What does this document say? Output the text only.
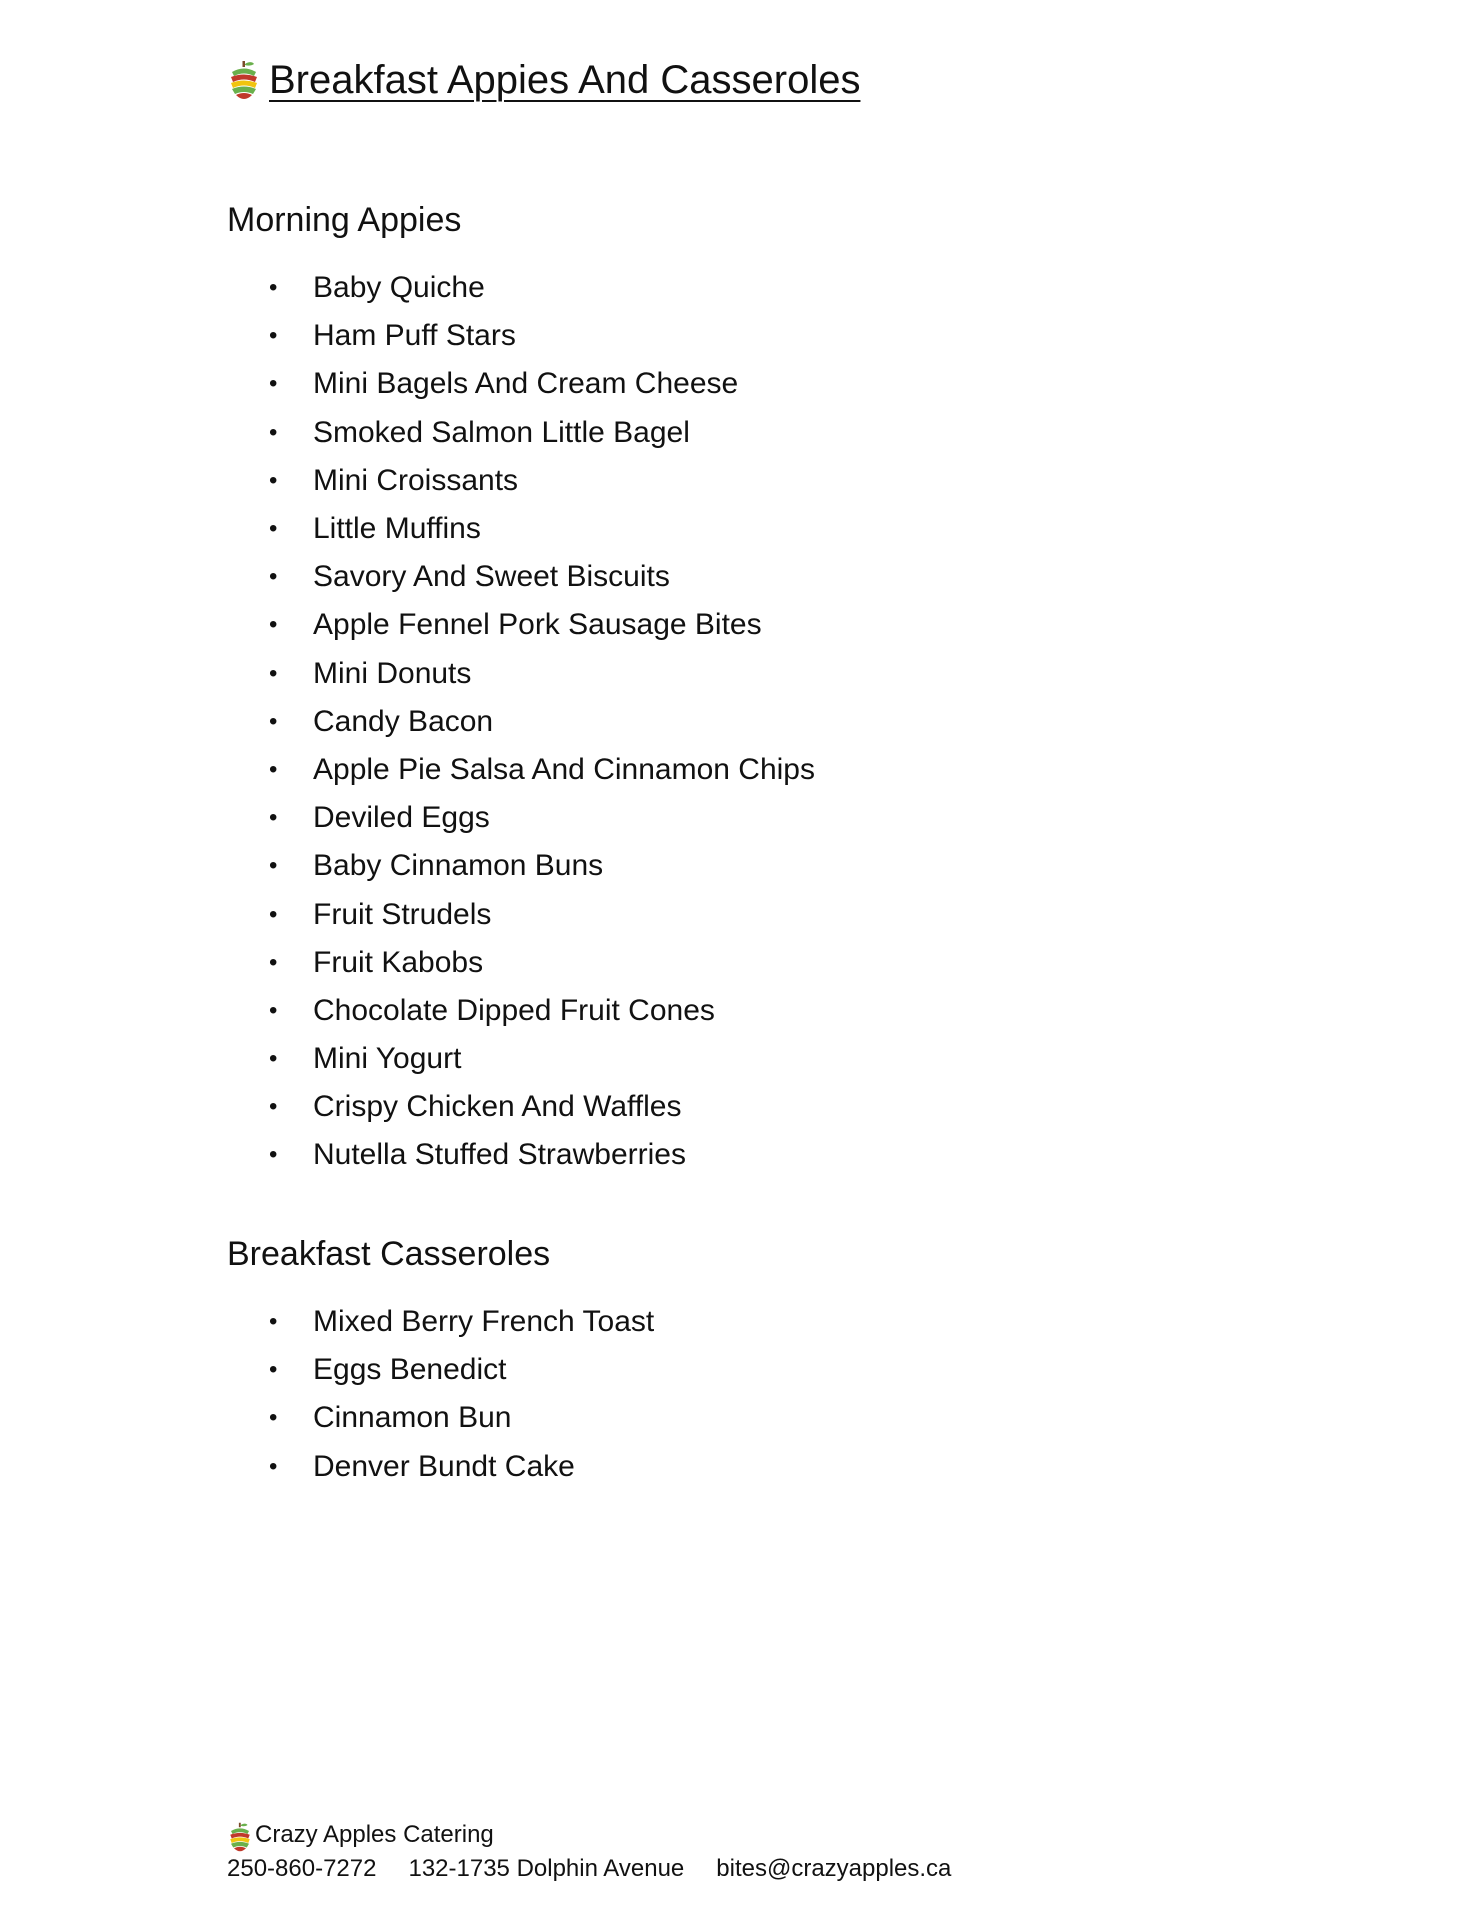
Breakfast Appies And Casseroles
Morning Appies
•	Baby Quiche
•	Ham Puff Stars
•	Mini Bagels And Cream Cheese
•	Smoked Salmon Little Bagel
•	Mini Croissants
•	Little Muffins
•	Savory And Sweet Biscuits
•	Apple Fennel Pork Sausage Bites
•	Mini Donuts
•	Candy Bacon
•	Apple Pie Salsa And Cinnamon Chips
•	Deviled Eggs
•	Baby Cinnamon Buns
•	Fruit Strudels
•	Fruit Kabobs
•	Chocolate Dipped Fruit Cones
•	Mini Yogurt
•	Crispy Chicken And Waffles
•	Nutella Stuffed Strawberries
Breakfast Casseroles
•	Mixed Berry French Toast
•	Eggs Benedict
•	Cinnamon Bun
•	Denver Bundt Cake
Crazy Apples Catering
250-860-7272 132-1735 Dolphin Avenue bites@crazyapples.ca
